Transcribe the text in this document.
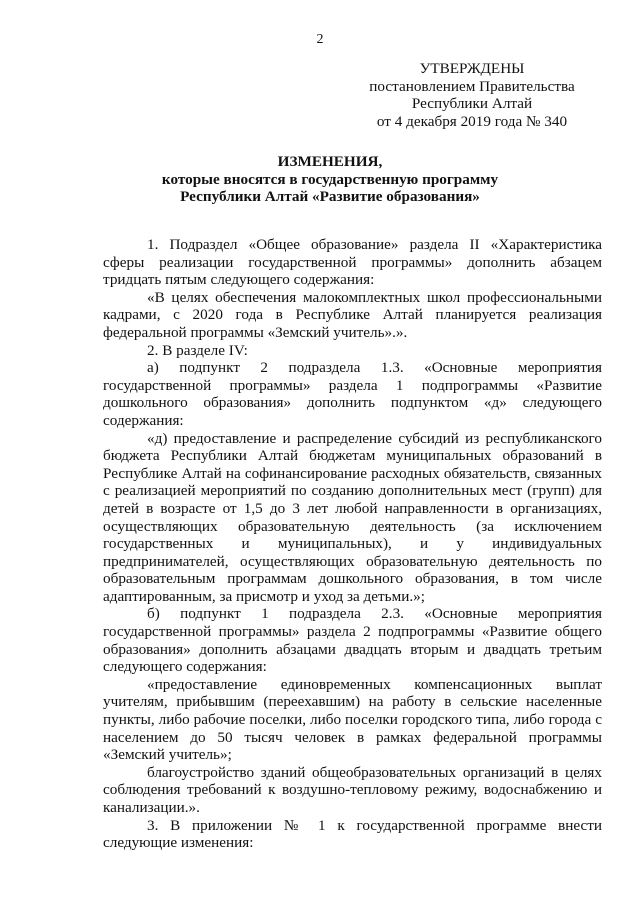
2
УТВЕРЖДЕНЫ
постановлением Правительства
Республики Алтай
от 4 декабря 2019 года № 340
ИЗМЕНЕНИЯ,
которые вносятся в государственную программу
Республики Алтай «Развитие образования»

1. Подраздел «Общее образование» раздела II «Характеристика сферы реализации государственной программы» дополнить абзацем тридцать пятым следующего содержания:

«В целях обеспечения малокомплектных школ профессиональными кадрами, с 2020 года в Республике Алтай планируется реализация федеральной программы «Земский учитель».».

2. В разделе IV:

а) подпункт 2 подраздела 1.3. «Основные мероприятия государственной программы» раздела 1 подпрограммы «Развитие дошкольного образования» дополнить подпунктом «д» следующего содержания:

«д) предоставление и распределение субсидий из республиканского бюджета Республики Алтай бюджетам муниципальных образований в Республике Алтай на софинансирование расходных обязательств, связанных с реализацией мероприятий по созданию дополнительных мест (групп) для детей в возрасте от 1,5 до 3 лет любой направленности в организациях, осуществляющих образовательную деятельность (за исключением государственных и муниципальных), и у индивидуальных предпринимателей, осуществляющих образовательную деятельность по образовательным программам дошкольного образования, в том числе адаптированным, за присмотр и уход за детьми.»;

б) подпункт 1 подраздела 2.3. «Основные мероприятия государственной программы» раздела 2 подпрограммы «Развитие общего образования» дополнить абзацами двадцать вторым и двадцать третьим следующего содержания:

«предоставление единовременных компенсационных выплат учителям, прибывшим (переехавшим) на работу в сельские населенные пункты, либо рабочие поселки, либо поселки городского типа, либо города с населением до 50 тысяч человек в рамках федеральной программы «Земский учитель»;

благоустройство зданий общеобразовательных организаций в целях соблюдения требований к воздушно-тепловому режиму, водоснабжению и канализации.».

3. В приложении № 1 к государственной программе внести следующие изменения:
